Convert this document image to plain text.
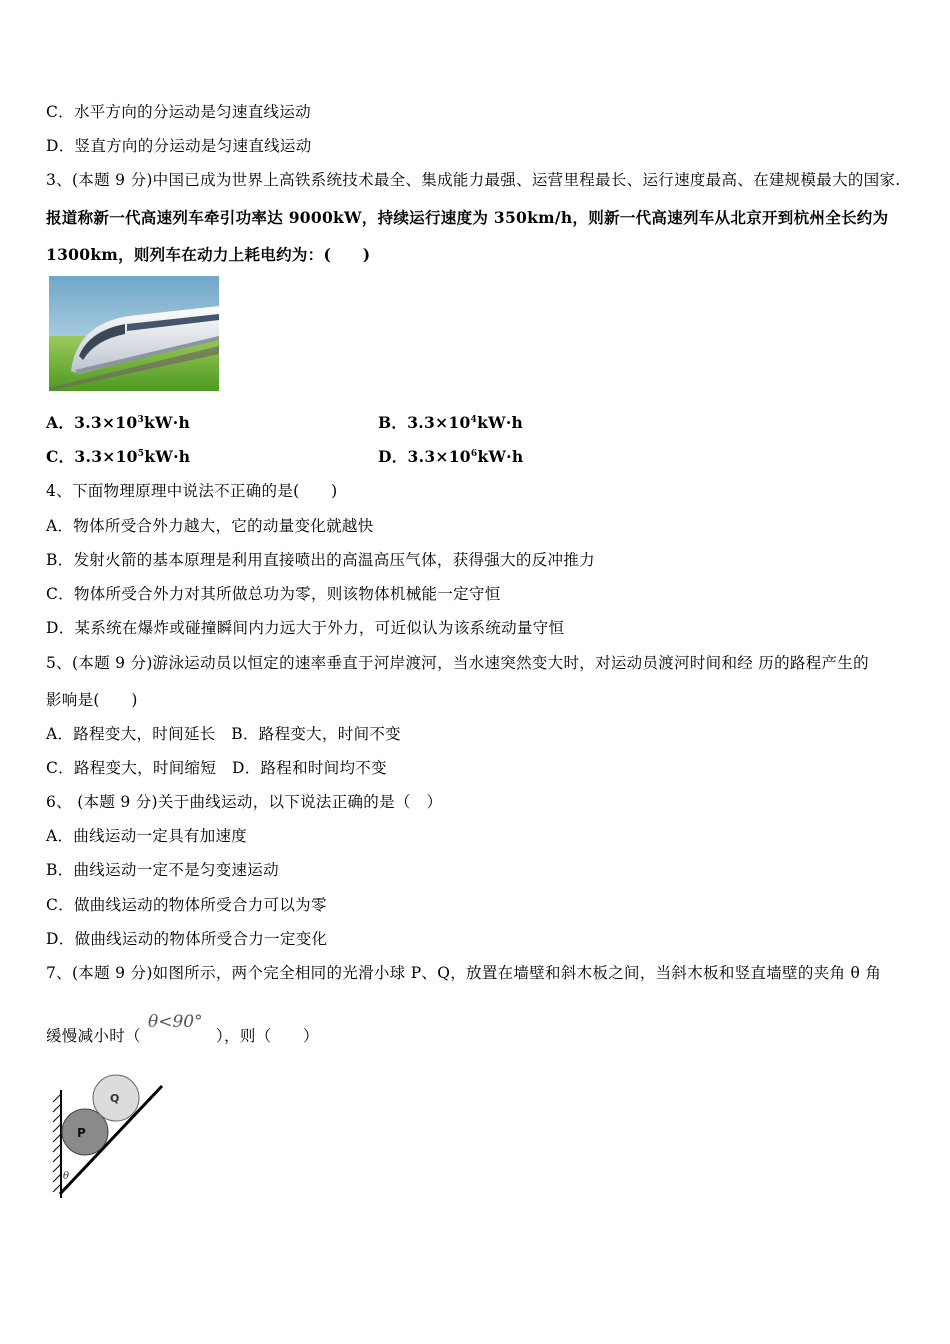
C．水平方向的分运动是匀速直线运动
D．竖直方向的分运动是匀速直线运动
3、(本题 9 分)中国已成为世界上高铁系统技术最全、集成能力最强、运营里程最长、运行速度最高、在建规模最大的国家.
报道称新一代高速列车牵引功率达 9000kW，持续运行速度为 350km/h，则新一代高速列车从北京开到杭州全长约为
1300km，则列车在动力上耗电约为：(　　)
A．$3.3\times 10^3kW\cdot h$	B．$3.3\times 10^4kW\cdot h$
C．$3.3\times 10^5kW\cdot h$	D．$3.3\times 10^6kW\cdot h$
4、下面物理原理中说法不正确的是(　　)
A．物体所受合外力越大，它的动量变化就越快
B．发射火箭的基本原理是利用直接喷出的高温高压气体，获得强大的反冲推力
C．物体所受合外力对其所做总功为零，则该物体机械能一定守恒
D．某系统在爆炸或碰撞瞬间内力远大于外力，可近似认为该系统动量守恒
5、(本题 9 分)游泳运动员以恒定的速率垂直于河岸渡河，当水速突然变大时，对运动员渡河时间和经 历的路程产生的
影响是(　　)
A．路程变大，时间延长　B．路程变大，时间不变
C．路程变大，时间缩短　D．路程和时间均不变
6、 (本题 9 分)关于曲线运动，以下说法正确的是（　）
A．曲线运动一定具有加速度
B．曲线运动一定不是匀变速运动
C．做曲线运动的物体所受合力可以为零
D．做曲线运动的物体所受合力一定变化
7、(本题 9 分)如图所示，两个完全相同的光滑小球 P、Q，放置在墙壁和斜木板之间，当斜木板和竖直墙壁的夹角 θ 角
缓慢减小时（
θ<90°
），则（　　）
P
Q
θ
